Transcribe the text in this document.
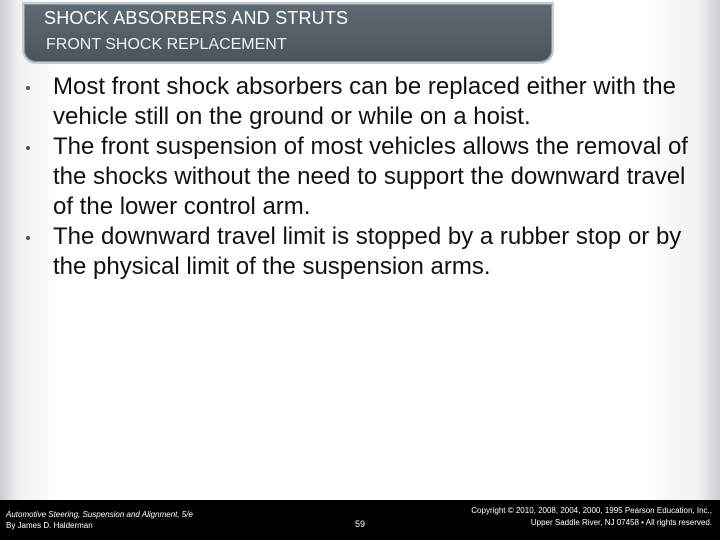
SHOCK ABSORBERS AND STRUTS
FRONT SHOCK REPLACEMENT
Most front shock absorbers can be replaced either with the vehicle still on the ground or while on a hoist.
The front suspension of most vehicles allows the removal of the shocks without the need to support the downward travel of the lower control arm.
The downward travel limit is stopped by a rubber stop or by the physical limit of the suspension arms.
Automotive Steering, Suspension and Alignment, 5/e
By James D. Halderman	59
Copyright © 2010, 2008, 2004, 2000, 1995 Pearson Education, Inc.,
Upper Saddle River, NJ 07458 • All rights reserved.
